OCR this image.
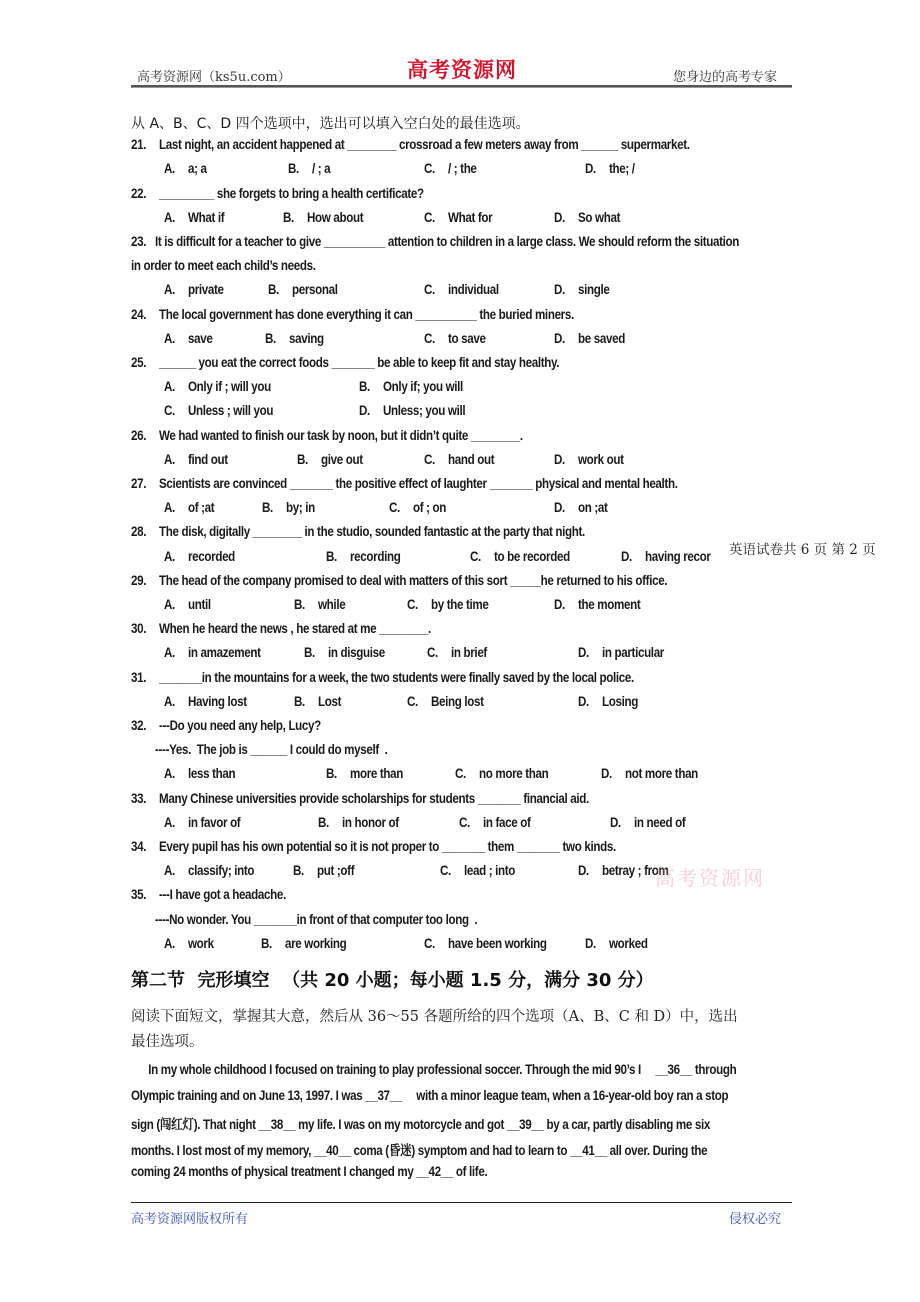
高考资源网（ks5u.com）	高考资源网	您身边的高考专家
从 A、B、C、D 四个选项中，选出可以填入空白处的最佳选项。
21. Last night, an accident happened at ________ crossroad a few meters away from ______ supermarket.
A. a; a	B. / ; a	C. / ; the	D. the; /
22. _________ she forgets to bring a health certificate?
A. What if	B. How about	C. What for	D. So what
23. It is difficult for a teacher to give __________ attention to children in a large class. We should reform the situation
in order to meet each child’s needs.
A. private	B. personal	C. individual	D. single
24. The local government has done everything it can __________ the buried miners.
A. save	B. saving	C. to save	D. be saved
25. ______ you eat the correct foods _______ be able to keep fit and stay healthy.
A. Only if ; will you	B. Only if; you will
C. Unless ; will you	D. Unless; you will
26. We had wanted to finish our task by noon, but it didn’t quite ________.
A. find out	B. give out	C. hand out	D. work out
27. Scientists are convinced _______ the positive effect of laughter _______ physical and mental health.
A. of ;at	B. by; in	C. of ; on	D. on ;at
28. The disk, digitally ________ in the studio, sounded fantastic at the party that night.
A. recorded	B. recording	C. to be recorded	D. having recor
29. The head of the company promised to deal with matters of this sort _____he returned to his office.
A. until	B. while	C. by the time	D. the moment
30. When he heard the news , he stared at me ________.
A. in amazement	B. in disguise	C. in brief	D. in particular
31. _______in the mountains for a week, the two students were finally saved by the local police.
A. Having lost	B. Lost	C. Being lost	D. Losing
32. ---Do you need any help, Lucy?
----Yes.  The job is ______ I could do myself  .
A. less than	B. more than	C. no more than	D. not more than
33. Many Chinese universities provide scholarships for students _______ financial aid.
A. in favor of	B. in honor of	C. in face of	D. in need of
34. Every pupil has his own potential so it is not proper to _______ them _______ two kinds.
A. classify; into	B. put ;off	C. lead ; into	D. betray ; from
35. ---I have got a headache.
----No wonder. You _______in front of that computer too long  .
A. work	B. are working	C. have been working	D. worked
英语试卷共 6 页 第 2 页
高考资源网
第二节  完形填空  （共 20 小题；每小题 1.5 分，满分 30 分）
阅读下面短文，掌握其大意，然后从 36～55 各题所给的四个选项（A、B、C 和 D）中，选出
最佳选项。
In my whole childhood I focused on training to play professional soccer. Through the mid 90’s I     __36__ through
Olympic training and on June 13, 1997. I was __37__     with a minor league team, when a 16-year-old boy ran a stop
sign (闯红灯). That night __38__ my life. I was on my motorcycle and got __39__ by a car, partly disabling me six
months. I lost most of my memory, __40__ coma (昏迷) symptom and had to learn to __41__ all over. During the
coming 24 months of physical treatment I changed my __42__ of life.
高考资源网版权所有	侵权必究
